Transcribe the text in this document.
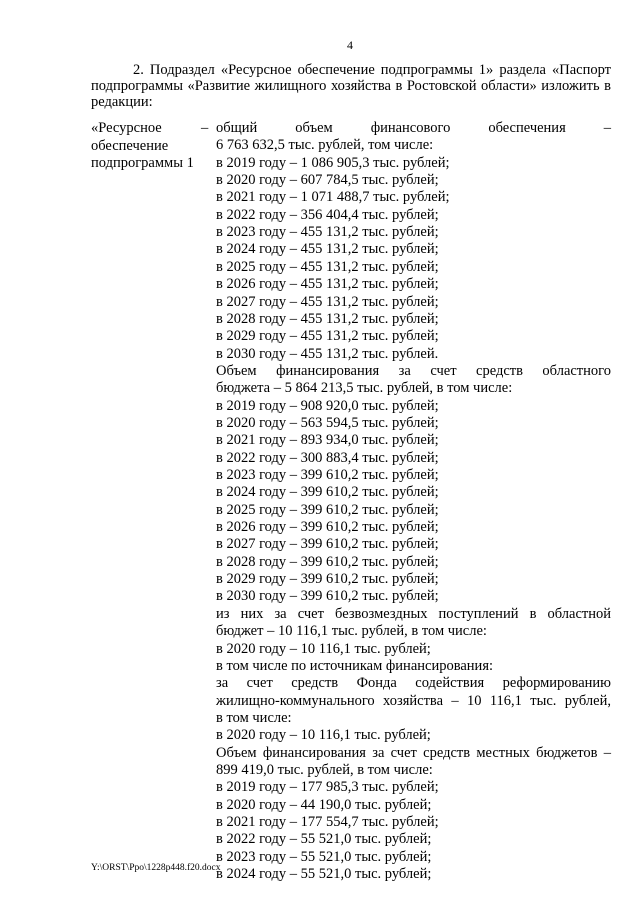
4
2. Подраздел «Ресурсное обеспечение подпрограммы 1» раздела «Паспорт подпрограммы «Развитие жилищного хозяйства в Ростовской области» изложить в редакции:
«Ресурсное
обеспечение
подпрограммы 1
– общий объем финансового обеспечения –
6 763 632,5 тыс. рублей, том числе:
в 2019 году – 1 086 905,3 тыс. рублей;
в 2020 году – 607 784,5 тыс. рублей;
в 2021 году – 1 071 488,7 тыс. рублей;
в 2022 году – 356 404,4 тыс. рублей;
в 2023 году – 455 131,2 тыс. рублей;
в 2024 году – 455 131,2 тыс. рублей;
в 2025 году – 455 131,2 тыс. рублей;
в 2026 году – 455 131,2 тыс. рублей;
в 2027 году – 455 131,2 тыс. рублей;
в 2028 году – 455 131,2 тыс. рублей;
в 2029 году – 455 131,2 тыс. рублей;
в 2030 году – 455 131,2 тыс. рублей.
Объем финансирования за счет средств областного
бюджета – 5 864 213,5 тыс. рублей, в том числе:
в 2019 году – 908 920,0 тыс. рублей;
в 2020 году – 563 594,5 тыс. рублей;
в 2021 году – 893 934,0 тыс. рублей;
в 2022 году – 300 883,4 тыс. рублей;
в 2023 году – 399 610,2 тыс. рублей;
в 2024 году – 399 610,2 тыс. рублей;
в 2025 году – 399 610,2 тыс. рублей;
в 2026 году – 399 610,2 тыс. рублей;
в 2027 году – 399 610,2 тыс. рублей;
в 2028 году – 399 610,2 тыс. рублей;
в 2029 году – 399 610,2 тыс. рублей;
в 2030 году – 399 610,2 тыс. рублей;
из них за счет безвозмездных поступлений в областной
бюджет – 10 116,1 тыс. рублей, в том числе:
в 2020 году – 10 116,1 тыс. рублей;
в том числе по источникам финансирования:
за счет средств Фонда содействия реформированию
жилищно-коммунального хозяйства – 10 116,1 тыс. рублей,
в том числе:
в 2020 году – 10 116,1 тыс. рублей;
Объем финансирования за счет средств местных бюджетов –
899 419,0 тыс. рублей, в том числе:
в 2019 году – 177 985,3 тыс. рублей;
в 2020 году – 44 190,0 тыс. рублей;
в 2021 году – 177 554,7 тыс. рублей;
в 2022 году – 55 521,0 тыс. рублей;
в 2023 году – 55 521,0 тыс. рублей;
в 2024 году – 55 521,0 тыс. рублей;
Y:\ORST\Ppo\1228p448.f20.docx
